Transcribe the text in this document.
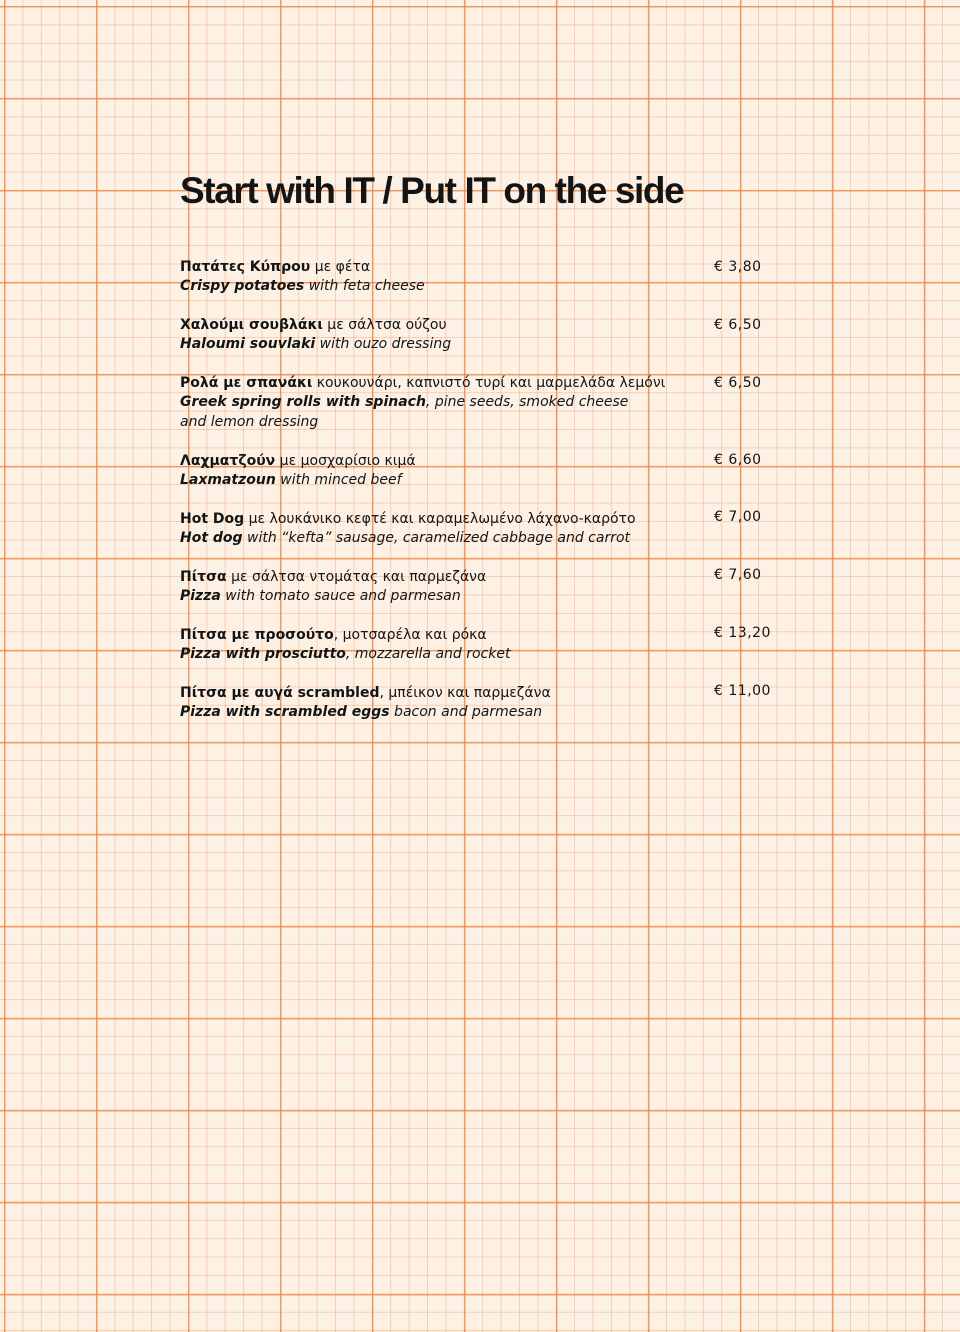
Start with IT / Put IT on the side
Πατάτες Κύπρου με φέτα
Crispy potatoes with feta cheese
€ 3,80
Χαλούμι σουβλάκι με σάλτσα ούζου
Haloumi souvlaki with ouzo dressing
€ 6,50
Ρολά με σπανάκι κουκουνάρι, καπνιστό τυρί και μαρμελάδα λεμόνι
Greek spring rolls with spinach, pine seeds, smoked cheese
and lemon dressing
€ 6,50
Λαχματζούν με μοσχαρίσιο κιμά
Laxmatzoun with minced beef
€ 6,60
Hot Dog με λουκάνικο κεφτέ και καραμελωμένο λάχανο-καρότο
Hot dog with “kefta” sausage, caramelized cabbage and carrot
€ 7,00
Πίτσα με σάλτσα ντομάτας και παρμεζάνα
Pizza with tomato sauce and parmesan
€ 7,60
Πίτσα με προσούτο, μοτσαρέλα και ρόκα
Pizza with prosciutto, mozzarella and rocket
€ 13,20
Πίτσα με αυγά scrambled, μπέικον και παρμεζάνα
Pizza with scrambled eggs bacon and parmesan
€ 11,00
